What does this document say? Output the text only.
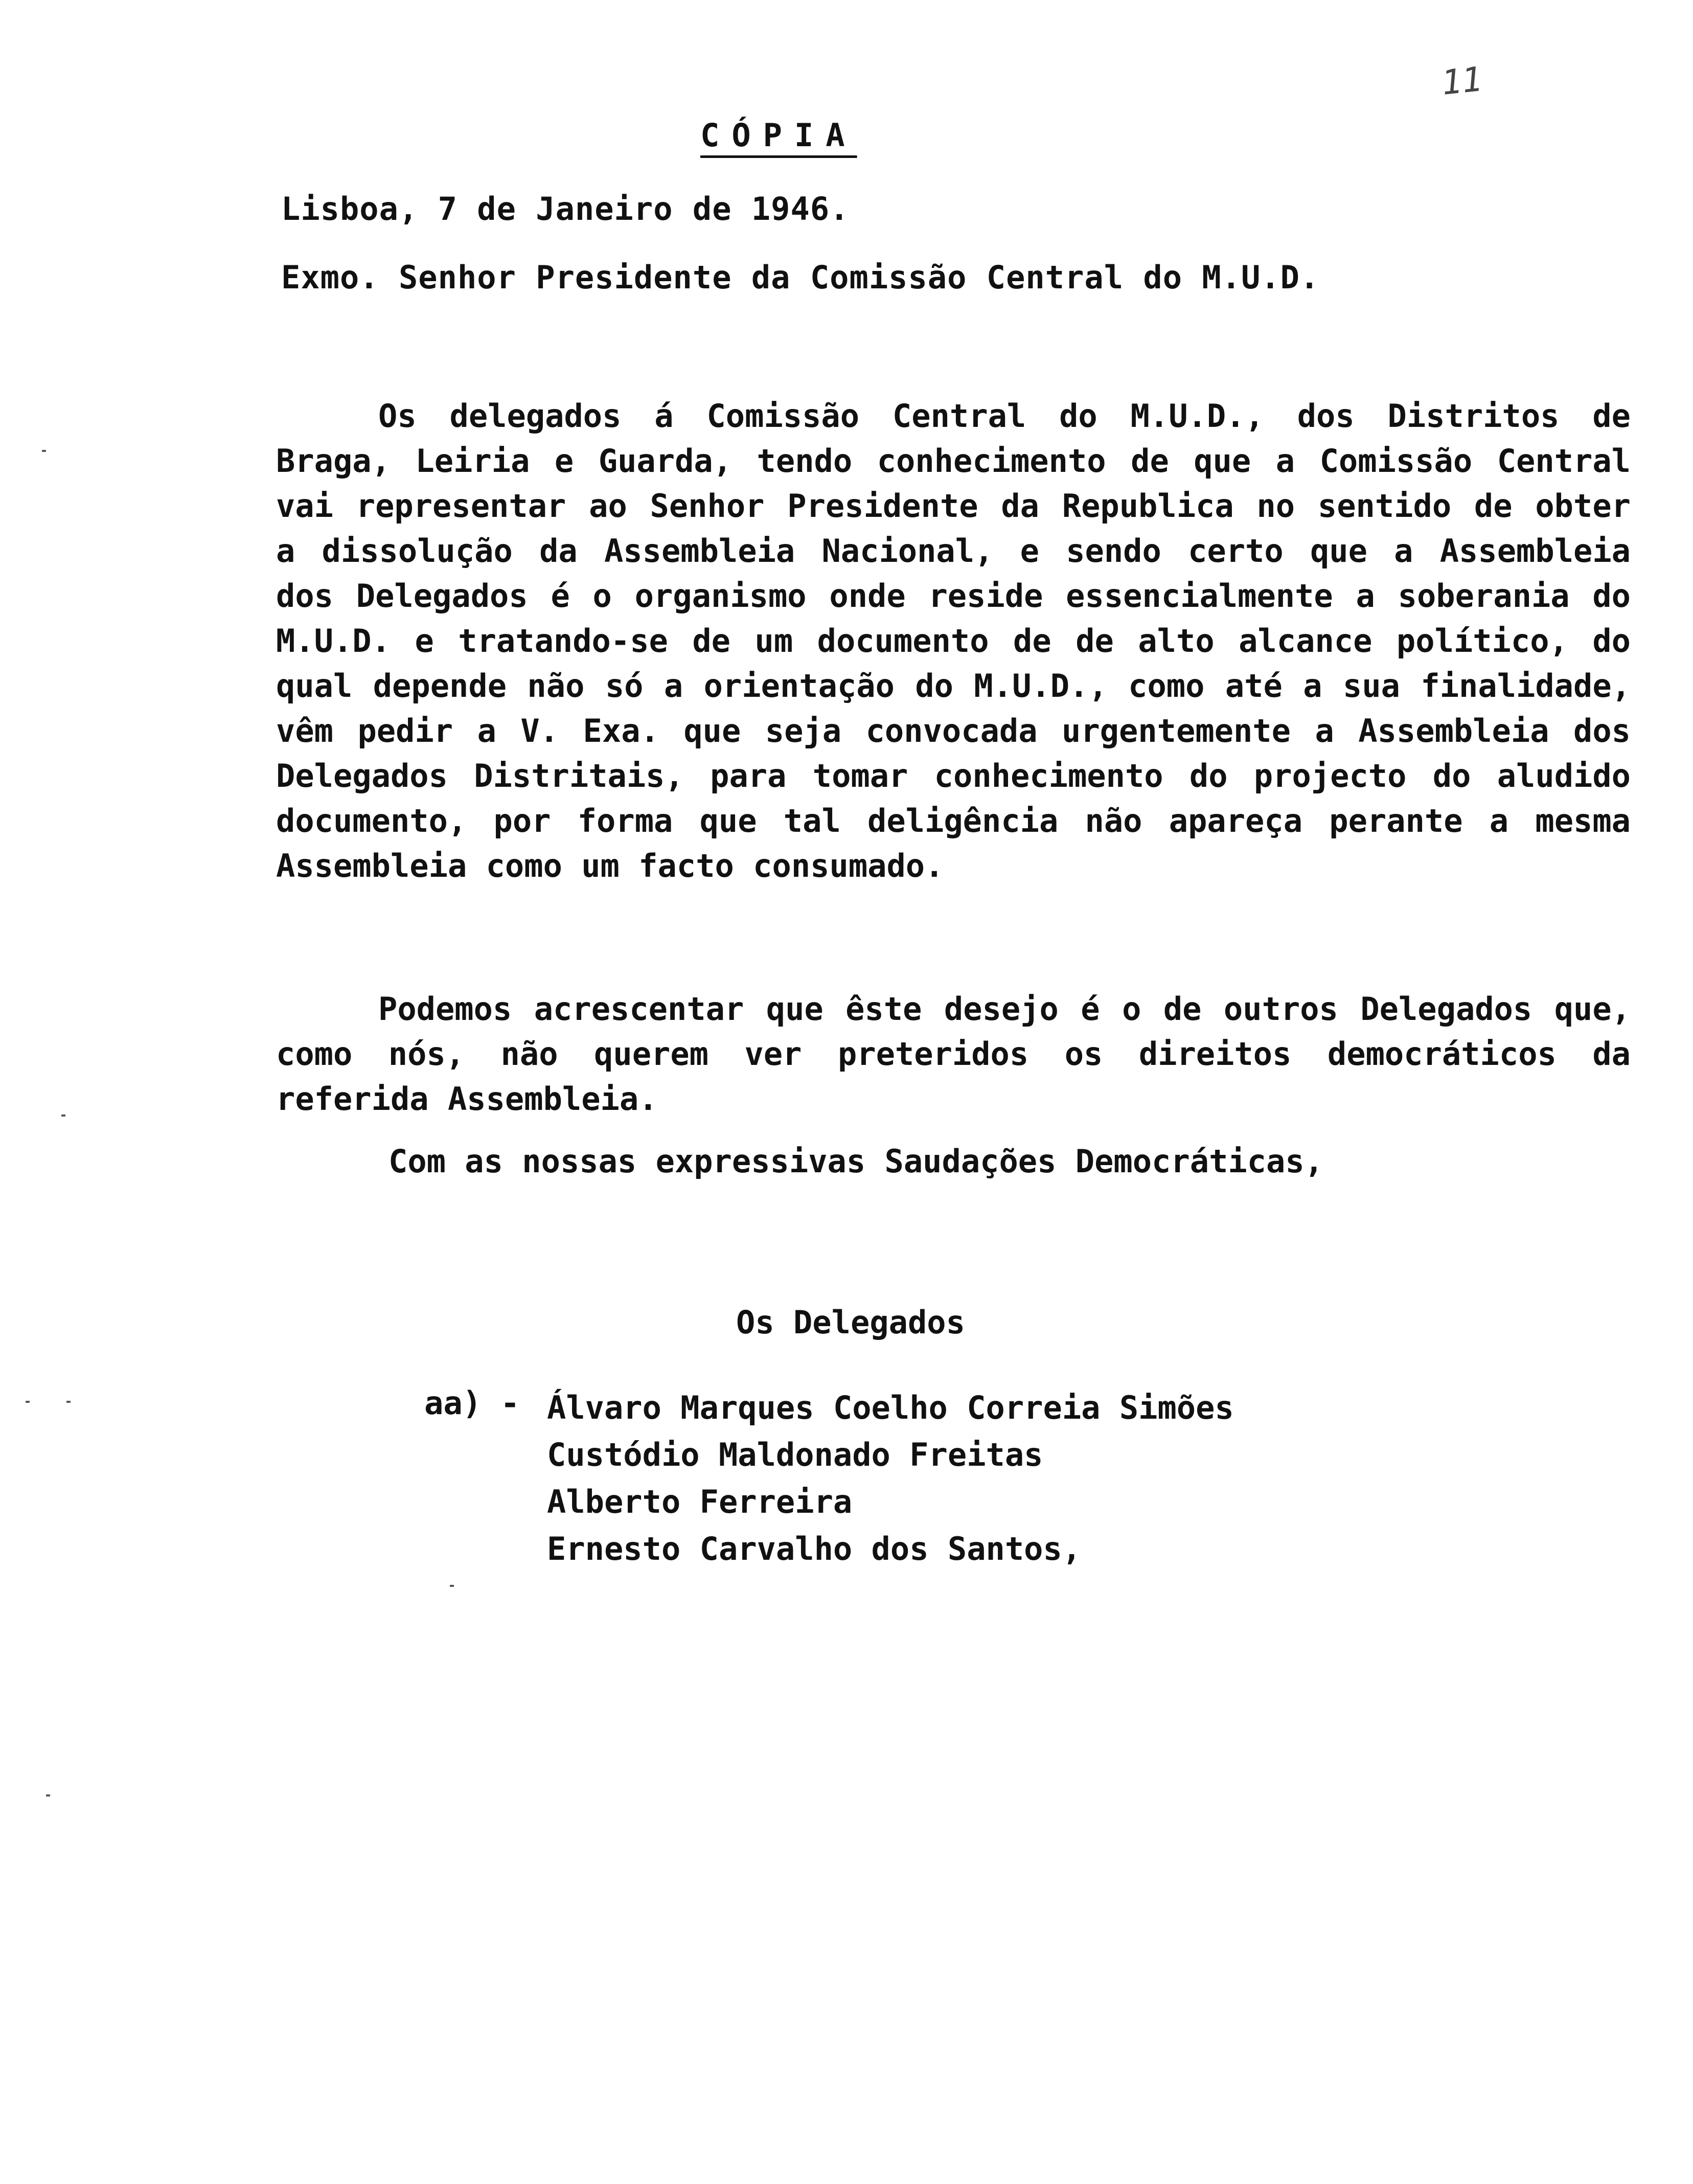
11
CÓPIA
Lisboa, 7 de Janeiro de 1946.
Exmo. Senhor Presidente da Comissão Central do M.U.D.
Os delegados á Comissão Central do M.U.D., dos Distritos de Braga, Leiria e Guarda, tendo conhecimento de que a Comissão Central vai representar ao Senhor Presidente da Republica no sentido de obter a dissolução da Assembleia Nacional, e sendo certo que a Assembleia dos Delegados é o organismo onde reside essencialmente a soberania do M.U.D. e tratando-se de um documento de de alto alcance político, do qual depende não só a orientação do M.U.D., como até a sua finalidade, vêm pedir a V. Exa. que seja convocada urgentemente a Assembleia dos Delegados Distritais, para tomar conhecimento do projecto do aludido documento, por forma que tal deligência não apareça perante a mesma Assembleia como um facto consumado.
Podemos acrescentar que êste desejo é o de outros Delegados que, como nós, não querem ver preteridos os direitos democráticos da referida Assembleia.
Com as nossas expressivas Saudações Democráticas,
Os Delegados
aa) - Álvaro Marques Coelho Correia Simões
Custódio Maldonado Freitas
Alberto Ferreira
Ernesto Carvalho dos Santos,
